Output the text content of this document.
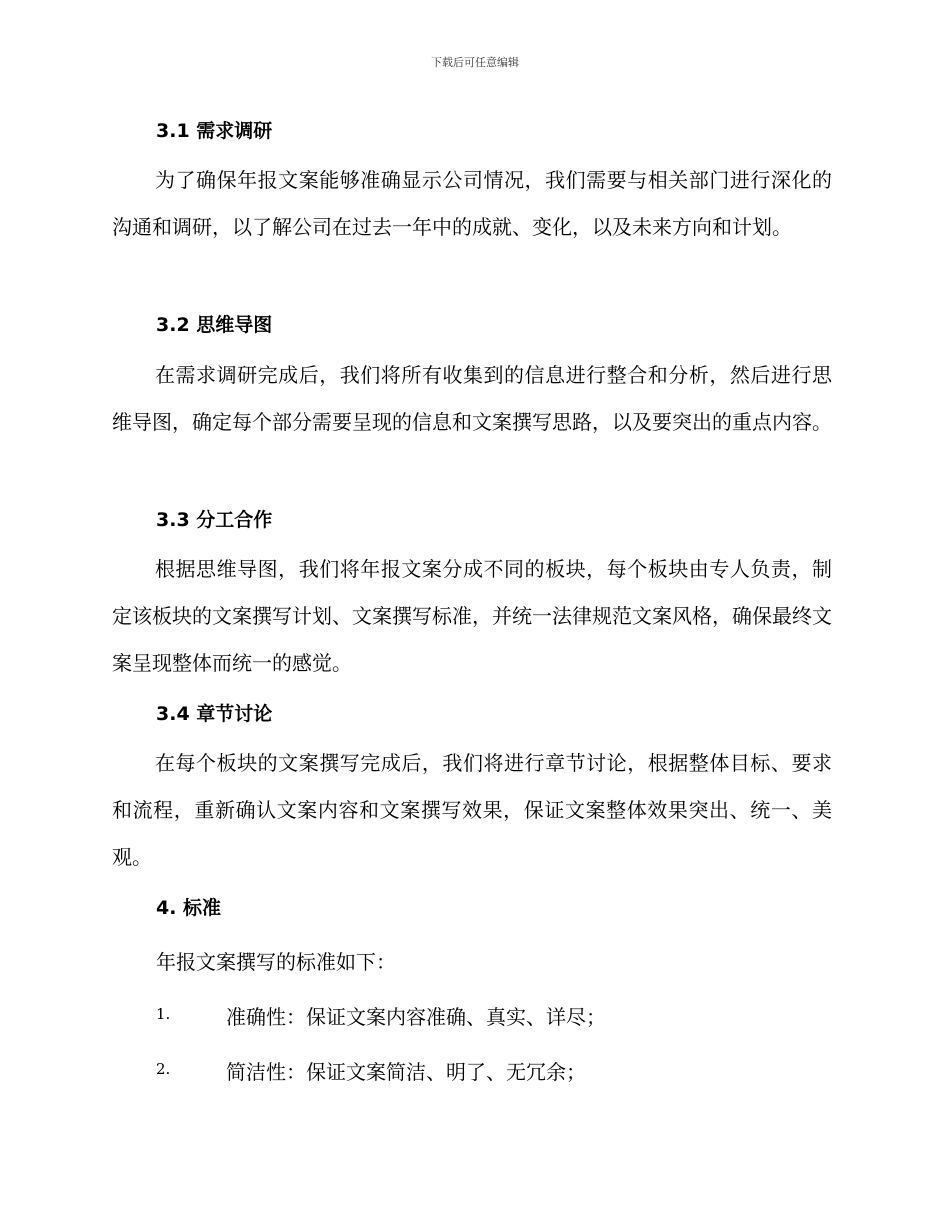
下载后可任意编辑
3.1 需求调研
为了确保年报文案能够准确显示公司情况，我们需要与相关部门进行深化的沟通和调研，以了解公司在过去一年中的成就、变化，以及未来方向和计划。
3.2 思维导图
在需求调研完成后，我们将所有收集到的信息进行整合和分析，然后进行思维导图，确定每个部分需要呈现的信息和文案撰写思路，以及要突出的重点内容。
3.3 分工合作
根据思维导图，我们将年报文案分成不同的板块，每个板块由专人负责，制定该板块的文案撰写计划、文案撰写标准，并统一法律规范文案风格，确保最终文案呈现整体而统一的感觉。
3.4 章节讨论
在每个板块的文案撰写完成后，我们将进行章节讨论，根据整体目标、要求和流程，重新确认文案内容和文案撰写效果，保证文案整体效果突出、统一、美观。
4. 标准
年报文案撰写的标准如下：
1.	准确性：保证文案内容准确、真实、详尽；
2.	简洁性：保证文案简洁、明了、无冗余；
